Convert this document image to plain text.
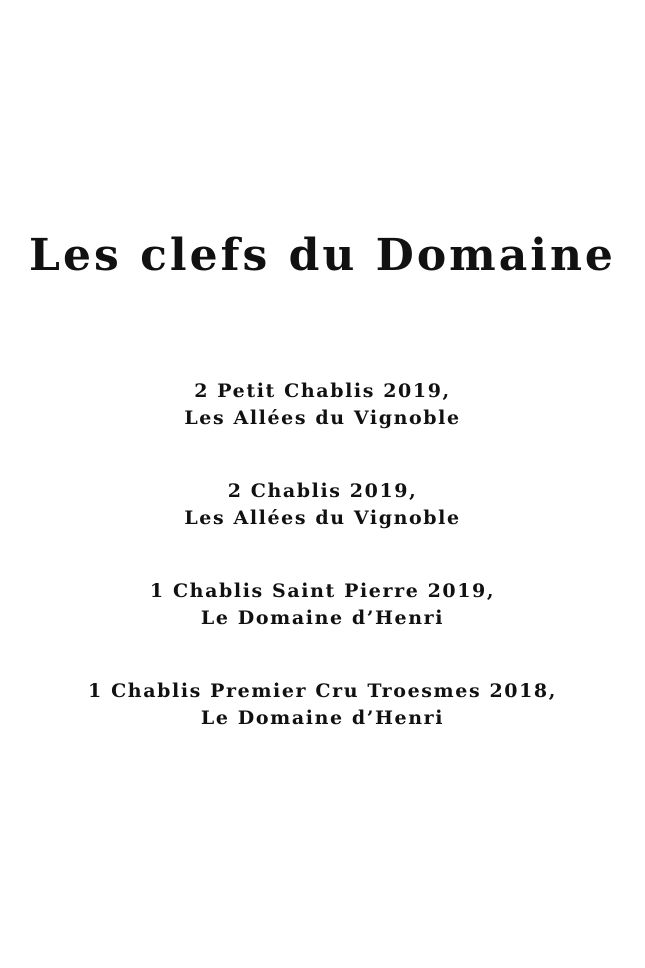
Les clefs du Domaine
2 Petit Chablis 2019,
Les Allées du Vignoble
2 Chablis 2019,
Les Allées du Vignoble
1 Chablis Saint Pierre 2019,
Le Domaine d’Henri
1 Chablis Premier Cru Troesmes 2018,
Le Domaine d’Henri
